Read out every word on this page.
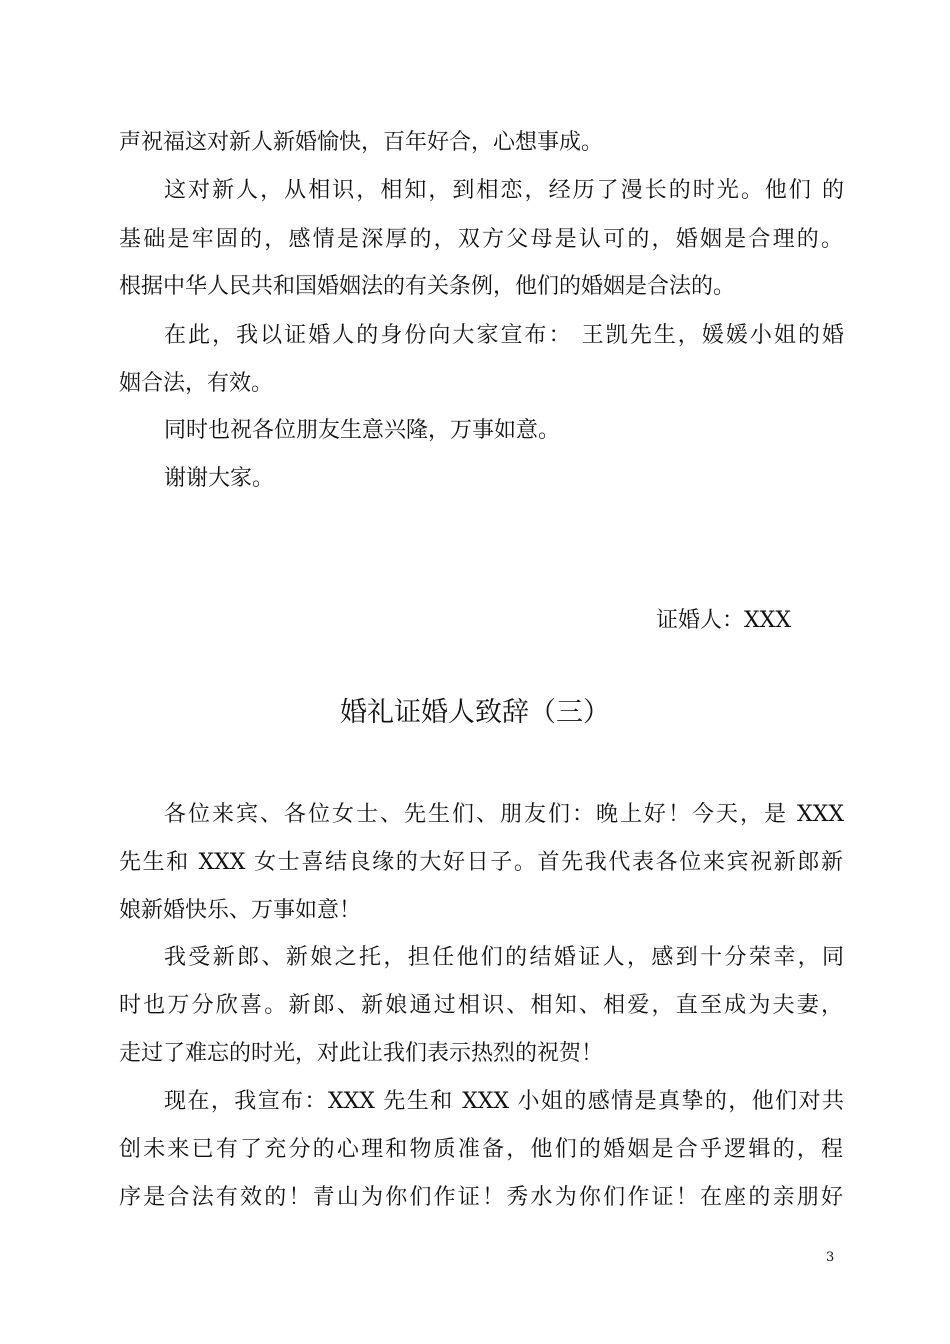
声祝福这对新人新婚愉快，百年好合，心想事成。
这对新人，从相识，相知，到相恋，经历了漫长的时光。他们 的
基础是牢固的，感情是深厚的，双方父母是认可的，婚姻是合理的。
根据中华人民共和国婚姻法的有关条例，他们的婚姻是合法的。
在此，我以证婚人的身份向大家宣布： 王凯先生，媛媛小姐的婚
姻合法，有效。
同时也祝各位朋友生意兴隆，万事如意。
谢谢大家。
证婚人：XXX
婚礼证婚人致辞（三）
各位来宾、各位女士、先生们、朋友们：晚上好！今天，是 XXX
先生和 XXX 女士喜结良缘的大好日子。首先我代表各位来宾祝新郎新
娘新婚快乐、万事如意！
我受新郎、新娘之托，担任他们的结婚证人，感到十分荣幸，同
时也万分欣喜。新郎、新娘通过相识、相知、相爱，直至成为夫妻，
走过了难忘的时光，对此让我们表示热烈的祝贺！
现在，我宣布：XXX 先生和 XXX 小姐的感情是真挚的，他们对共
创未来已有了充分的心理和物质准备，他们的婚姻是合乎逻辑的，程
序是合法有效的！青山为你们作证！秀水为你们作证！在座的亲朋好
3
